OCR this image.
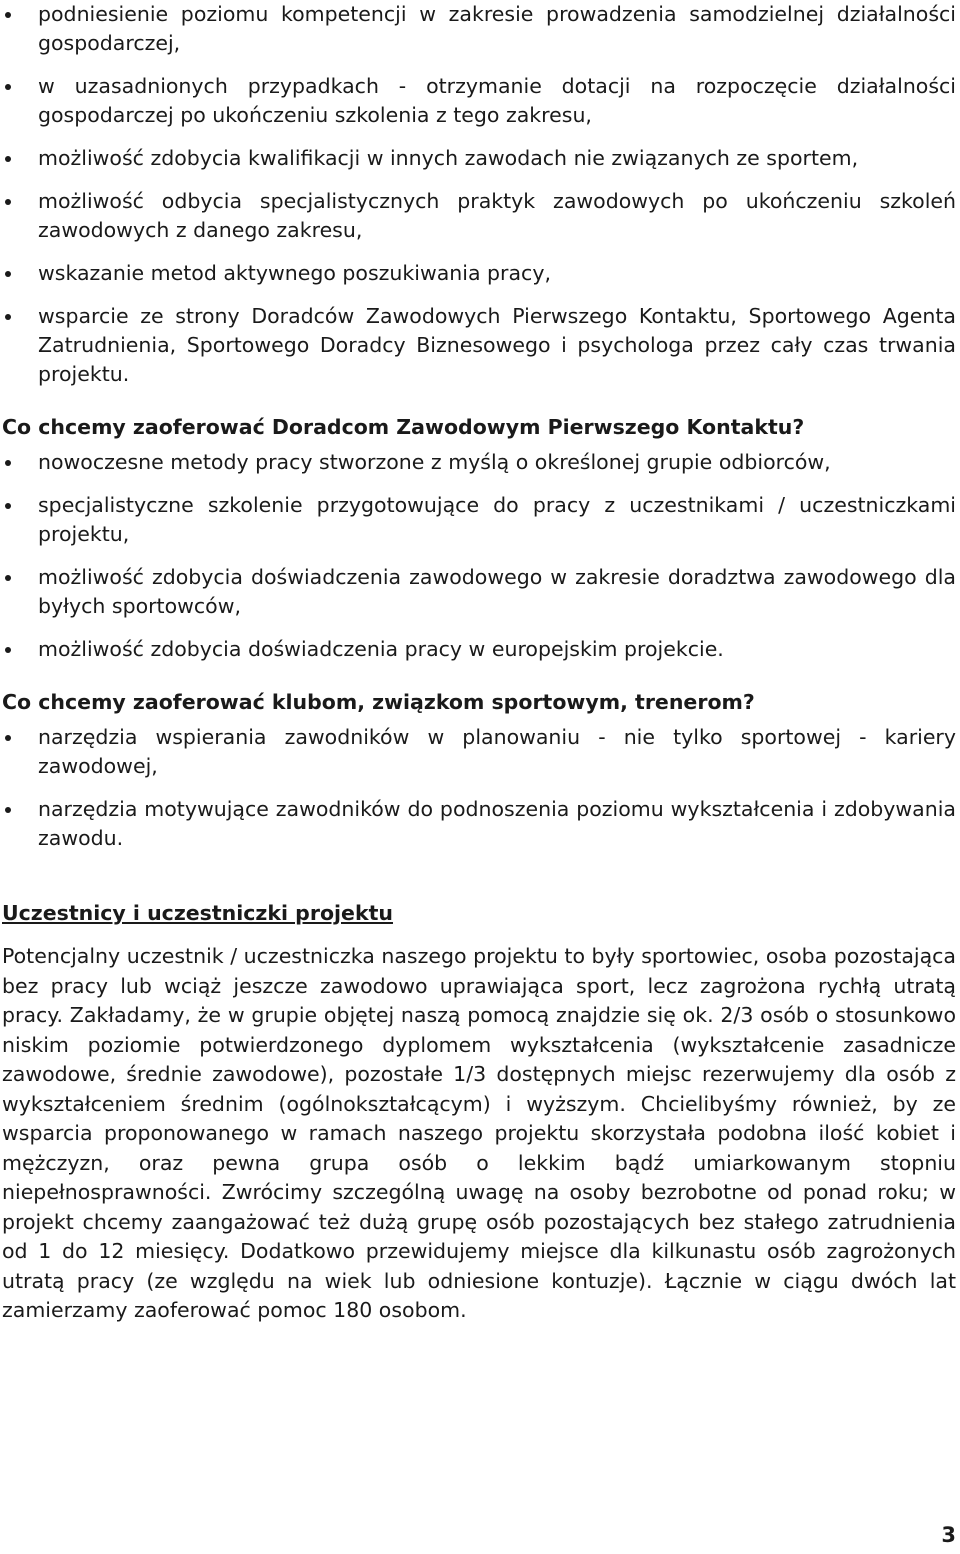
podniesienie poziomu kompetencji w zakresie prowadzenia samodzielnej działalności gospodarczej,
w uzasadnionych przypadkach - otrzymanie dotacji na rozpoczęcie działalności gospodarczej po ukończeniu szkolenia z tego zakresu,
możliwość zdobycia kwalifikacji w innych zawodach nie związanych ze sportem,
możliwość odbycia specjalistycznych praktyk zawodowych po ukończeniu szkoleń zawodowych z danego zakresu,
wskazanie metod aktywnego poszukiwania pracy,
wsparcie ze strony Doradców Zawodowych Pierwszego Kontaktu, Sportowego Agenta Zatrudnienia, Sportowego Doradcy Biznesowego i psychologa przez cały czas trwania projektu.
Co chcemy zaoferować Doradcom Zawodowym Pierwszego Kontaktu?
nowoczesne metody pracy stworzone z myślą o określonej grupie odbiorców,
specjalistyczne szkolenie przygotowujące do pracy z uczestnikami / uczestniczkami projektu,
możliwość zdobycia doświadczenia zawodowego w zakresie doradztwa zawodowego dla byłych sportowców,
możliwość zdobycia doświadczenia pracy w europejskim projekcie.
Co chcemy zaoferować klubom, związkom sportowym, trenerom?
narzędzia wspierania zawodników w planowaniu - nie tylko sportowej - kariery zawodowej,
narzędzia motywujące zawodników do podnoszenia poziomu wykształcenia i zdobywania zawodu.
Uczestnicy i uczestniczki projektu

Potencjalny uczestnik / uczestniczka naszego projektu to były sportowiec, osoba pozostająca bez pracy lub wciąż jeszcze zawodowo uprawiająca sport, lecz zagrożona rychłą utratą pracy. Zakładamy, że w grupie objętej naszą pomocą znajdzie się ok. 2/3 osób o stosunkowo niskim poziomie potwierdzonego dyplomem wykształcenia (wykształcenie zasadnicze zawodowe, średnie zawodowe), pozostałe 1/3 dostępnych miejsc rezerwujemy dla osób z wykształceniem średnim (ogólnokształcącym) i wyższym. Chcielibyśmy również, by ze wsparcia proponowanego w ramach naszego projektu skorzystała podobna ilość kobiet i mężczyzn, oraz pewna grupa osób o lekkim bądź umiarkowanym stopniu niepełnosprawności. Zwrócimy szczególną uwagę na osoby bezrobotne od ponad roku; w projekt chcemy zaangażować też dużą grupę osób pozostających bez stałego zatrudnienia od 1 do 12 miesięcy. Dodatkowo przewidujemy miejsce dla kilkunastu osób zagrożonych utratą pracy (ze względu na wiek lub odniesione kontuzje). Łącznie w ciągu dwóch lat zamierzamy zaoferować pomoc 180 osobom.

3
